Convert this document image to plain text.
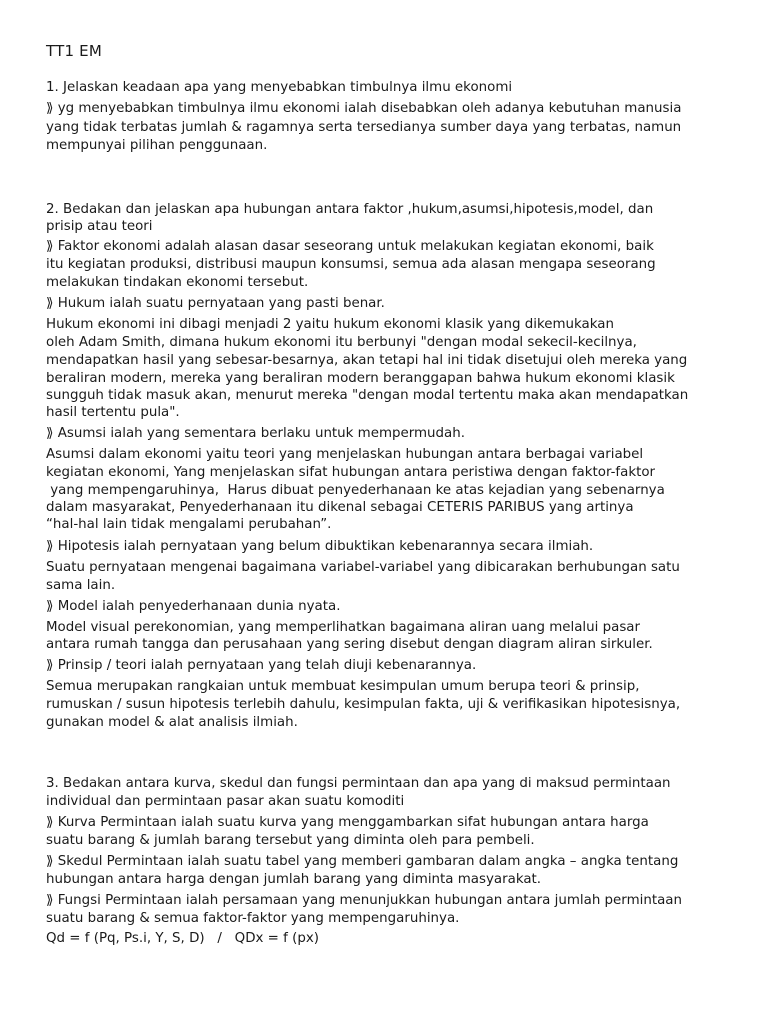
TT1 EM
1. Jelaskan keadaan apa yang menyebabkan timbulnya ilmu ekonomi
⟫ yg menyebabkan timbulnya ilmu ekonomi ialah disebabkan oleh adanya kebutuhan manusia
yang tidak terbatas jumlah & ragamnya serta tersedianya sumber daya yang terbatas, namun
mempunyai pilihan penggunaan.
2. Bedakan dan jelaskan apa hubungan antara faktor ,hukum,asumsi,hipotesis,model, dan
prisip atau teori
⟫ Faktor ekonomi adalah alasan dasar seseorang untuk melakukan kegiatan ekonomi, baik
itu kegiatan produksi, distribusi maupun konsumsi, semua ada alasan mengapa seseorang
melakukan tindakan ekonomi tersebut.
⟫ Hukum ialah suatu pernyataan yang pasti benar.
Hukum ekonomi ini dibagi menjadi 2 yaitu hukum ekonomi klasik yang dikemukakan
oleh Adam Smith, dimana hukum ekonomi itu berbunyi "dengan modal sekecil-kecilnya,
mendapatkan hasil yang sebesar-besarnya, akan tetapi hal ini tidak disetujui oleh mereka yang
beraliran modern, mereka yang beraliran modern beranggapan bahwa hukum ekonomi klasik
sungguh tidak masuk akan, menurut mereka "dengan modal tertentu maka akan mendapatkan
hasil tertentu pula".
⟫ Asumsi ialah yang sementara berlaku untuk mempermudah.
Asumsi dalam ekonomi yaitu teori yang menjelaskan hubungan antara berbagai variabel
kegiatan ekonomi, Yang menjelaskan sifat hubungan antara peristiwa dengan faktor-faktor
yang mempengaruhinya,  Harus dibuat penyederhanaan ke atas kejadian yang sebenarnya
dalam masyarakat, Penyederhanaan itu dikenal sebagai CETERIS PARIBUS yang artinya
“hal-hal lain tidak mengalami perubahan”.
⟫ Hipotesis ialah pernyataan yang belum dibuktikan kebenarannya secara ilmiah.
Suatu pernyataan mengenai bagaimana variabel-variabel yang dibicarakan berhubungan satu
sama lain.
⟫ Model ialah penyederhanaan dunia nyata.
Model visual perekonomian, yang memperlihatkan bagaimana aliran uang melalui pasar
antara rumah tangga dan perusahaan yang sering disebut dengan diagram aliran sirkuler.
⟫ Prinsip / teori ialah pernyataan yang telah diuji kebenarannya.
Semua merupakan rangkaian untuk membuat kesimpulan umum berupa teori & prinsip,
rumuskan / susun hipotesis terlebih dahulu, kesimpulan fakta, uji & verifikasikan hipotesisnya,
gunakan model & alat analisis ilmiah.
3. Bedakan antara kurva, skedul dan fungsi permintaan dan apa yang di maksud permintaan
individual dan permintaan pasar akan suatu komoditi
⟫ Kurva Permintaan ialah suatu kurva yang menggambarkan sifat hubungan antara harga
suatu barang & jumlah barang tersebut yang diminta oleh para pembeli.
⟫ Skedul Permintaan ialah suatu tabel yang memberi gambaran dalam angka – angka tentang
hubungan antara harga dengan jumlah barang yang diminta masyarakat.
⟫ Fungsi Permintaan ialah persamaan yang menunjukkan hubungan antara jumlah permintaan
suatu barang & semua faktor-faktor yang mempengaruhinya.
Qd = f (Pq, Ps.i, Y, S, D)   /   QDx = f (px)
